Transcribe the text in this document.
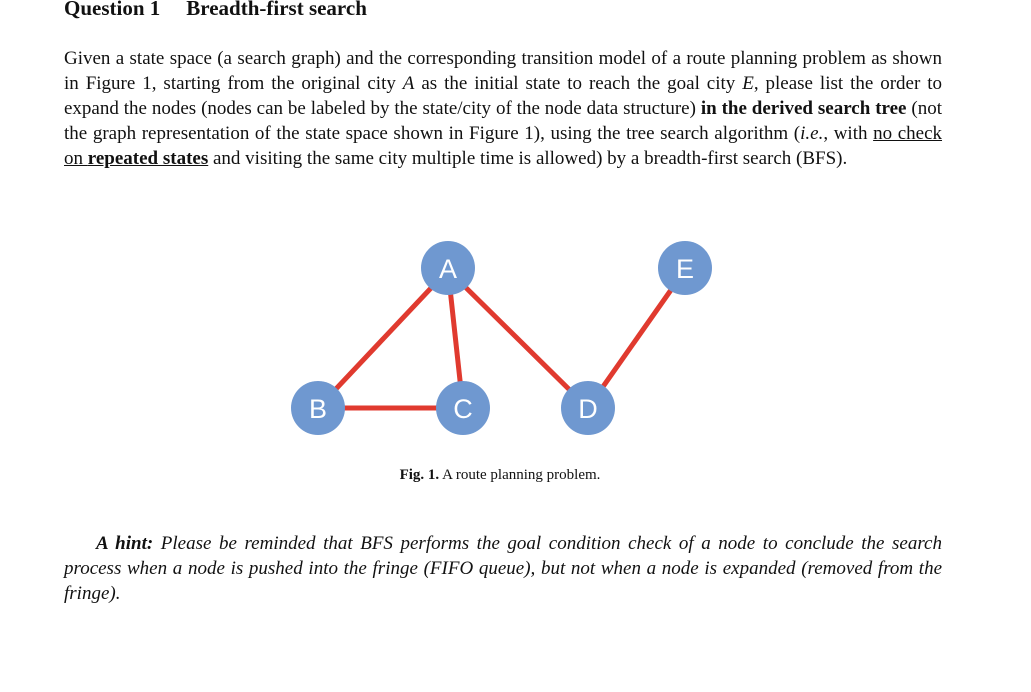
Question 1 Breadth-first search

Given a state space (a search graph) and the corresponding transition model of a route planning problem as shown in Figure 1, starting from the original city A as the initial state to reach the goal city E, please list the order to expand the nodes (nodes can be labeled by the state/city of the node data structure) in the derived search tree (not the graph representation of the state space shown in Figure 1), using the tree search algorithm (i.e., with no check on repeated states and visiting the same city multiple time is allowed) by a breadth-first search (BFS).

A
B	C	D
E

Fig. 1. A route planning problem.

A hint: Please be reminded that BFS performs the goal condition check of a node to conclude the search process when a node is pushed into the fringe (FIFO queue), but not when a node is expanded (removed from the fringe).
